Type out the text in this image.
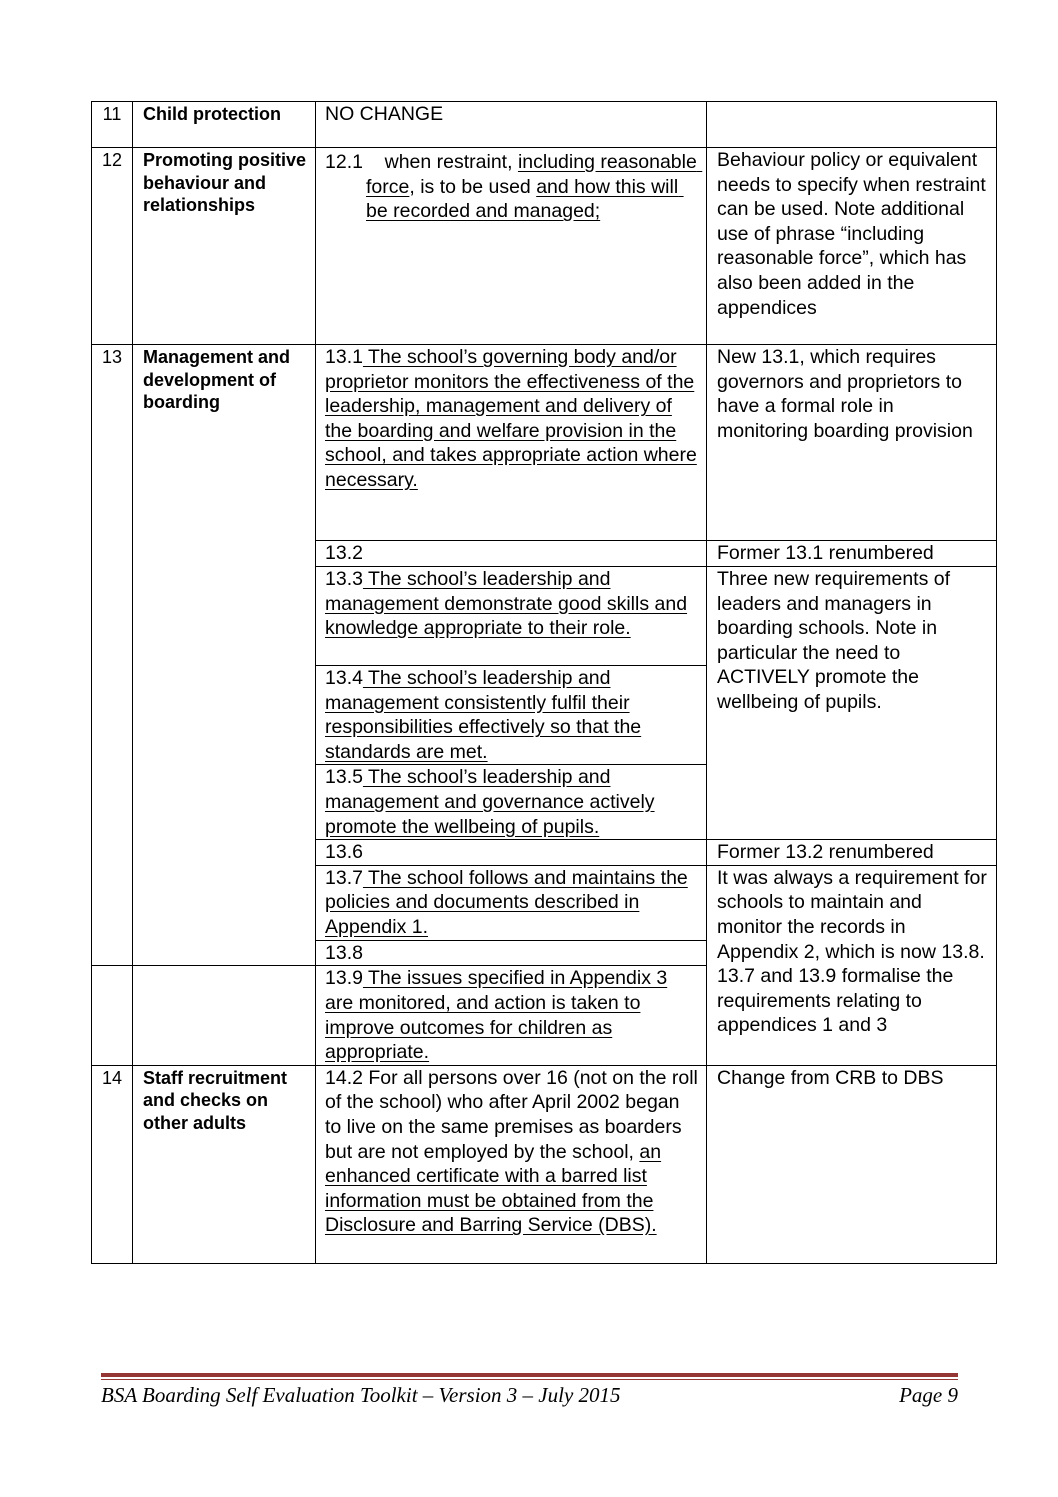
11	Child protection	NO CHANGE	
12	Promoting positive behaviour and relationships	12.1    when restraint, including reasonable force, is to be used and how this will be recorded and managed;	Behaviour policy or equivalent needs to specify when restraint can be used. Note additional use of phrase “including reasonable force”, which has also been added in the appendices
13	Management and development of boarding	13.1 The school’s governing body and/or proprietor monitors the effectiveness of the leadership, management and delivery of the boarding and welfare provision in the school, and takes appropriate action where necessary.	New 13.1, which requires governors and proprietors to have a formal role in monitoring boarding provision
		13.2	Former 13.1 renumbered
		13.3 The school’s leadership and management demonstrate good skills and knowledge appropriate to their role.	Three new requirements of leaders and managers in boarding schools. Note in particular the need to ACTIVELY promote the wellbeing of pupils.
		13.4 The school’s leadership and management consistently fulfil their responsibilities effectively so that the standards are met.	
		13.5 The school’s leadership and management and governance actively promote the wellbeing of pupils.	
		13.6	Former 13.2 renumbered
		13.7 The school follows and maintains the policies and documents described in Appendix 1.	It was always a requirement for schools to maintain and monitor the records in Appendix 2, which is now 13.8. 13.7 and 13.9 formalise the requirements relating to appendices 1 and 3
		13.8	
		13.9 The issues specified in Appendix 3 are monitored, and action is taken to improve outcomes for children as appropriate.	
14	Staff recruitment and checks on other adults	14.2 For all persons over 16 (not on the roll of the school) who after April 2002 began to live on the same premises as boarders but are not employed by the school, an enhanced certificate with a barred list information must be obtained from the Disclosure and Barring Service (DBS).	Change from CRB to DBS
BSA Boarding Self Evaluation Toolkit – Version 3 – July 2015	Page 9
